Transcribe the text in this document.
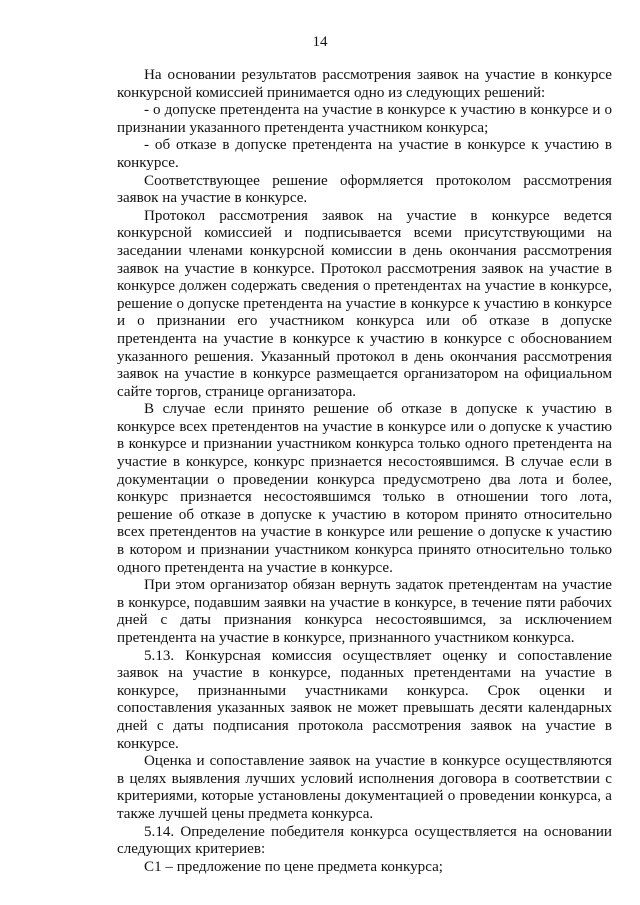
14

На основании результатов рассмотрения заявок на участие в конкурсе конкурсной комиссией принимается одно из следующих решений:

- о допуске претендента на участие в конкурсе к участию в конкурсе и о признании указанного претендента участником конкурса;

- об отказе в допуске претендента на участие в конкурсе к участию в конкурсе.

Соответствующее решение оформляется протоколом рассмотрения заявок на участие в конкурсе.

Протокол рассмотрения заявок на участие в конкурсе ведется конкурсной комиссией и подписывается всеми присутствующими на заседании членами конкурсной комиссии в день окончания рассмотрения заявок на участие в конкурсе. Протокол рассмотрения заявок на участие в конкурсе должен содержать сведения о претендентах на участие в конкурсе, решение о допуске претендента на участие в конкурсе к участию в конкурсе и о признании его участником конкурса или об отказе в допуске претендента на участие в конкурсе к участию в конкурсе с обоснованием указанного решения. Указанный протокол в день окончания рассмотрения заявок на участие в конкурсе размещается организатором на официальном сайте торгов, странице организатора.

В случае если принято решение об отказе в допуске к участию в конкурсе всех претендентов на участие в конкурсе или о допуске к участию в конкурсе и признании участником конкурса только одного претендента на участие в конкурсе, конкурс признается несостоявшимся. В случае если в документации о проведении конкурса предусмотрено два лота и более, конкурс признается несостоявшимся только в отношении того лота, решение об отказе в допуске к участию в котором принято относительно всех претендентов на участие в конкурсе или решение о допуске к участию в котором и признании участником конкурса принято относительно только одного претендента на участие в конкурсе.

При этом организатор обязан вернуть задаток претендентам на участие в конкурсе, подавшим заявки на участие в конкурсе, в течение пяти рабочих дней с даты признания конкурса несостоявшимся, за исключением претендента на участие в конкурсе, признанного участником конкурса.

5.13. Конкурсная комиссия осуществляет оценку и сопоставление заявок на участие в конкурсе, поданных претендентами на участие в конкурсе, признанными участниками конкурса. Срок оценки и сопоставления указанных заявок не может превышать десяти календарных дней с даты подписания протокола рассмотрения заявок на участие в конкурсе.

Оценка и сопоставление заявок на участие в конкурсе осуществляются в целях выявления лучших условий исполнения договора в соответствии с критериями, которые установлены документацией о проведении конкурса, а также лучшей цены предмета конкурса.

5.14. Определение победителя конкурса осуществляется на основании следующих критериев:

С1 – предложение по цене предмета конкурса;
